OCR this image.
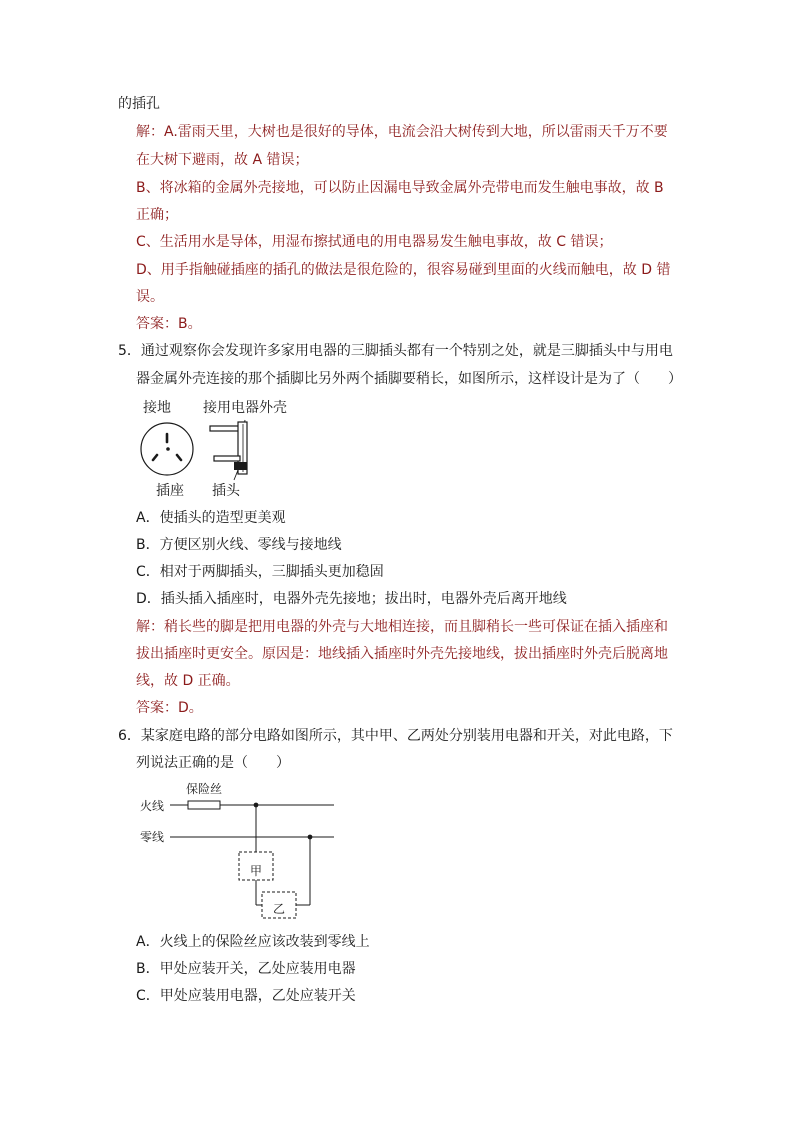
的插孔
解：A.雷雨天里，大树也是很好的导体，电流会沿大树传到大地，所以雷雨天千万不要
在大树下避雨，故 A 错误；
B、将冰箱的金属外壳接地，可以防止因漏电导致金属外壳带电而发生触电事故，故 B
正确；
C、生活用水是导体，用湿布擦拭通电的用电器易发生触电事故，故 C 错误；
D、用手指触碰插座的插孔的做法是很危险的，很容易碰到里面的火线而触电，故 D 错
误。
答案：B。
5．通过观察你会发现许多家用电器的三脚插头都有一个特别之处，就是三脚插头中与用电
器金属外壳连接的那个插脚比另外两个插脚要稍长，如图所示，这样设计是为了（　　）
接地 接用电器外壳
插座 插头
A．使插头的造型更美观
B．方便区别火线、零线与接地线
C．相对于两脚插头，三脚插头更加稳固
D．插头插入插座时，电器外壳先接地；拔出时，电器外壳后离开地线
解：稍长些的脚是把用电器的外壳与大地相连接，而且脚稍长一些可保证在插入插座和
拔出插座时更安全。原因是：地线插入插座时外壳先接地线，拔出插座时外壳后脱离地
线，故 D 正确。
答案：D。
6．某家庭电路的部分电路如图所示，其中甲、乙两处分别装用电器和开关，对此电路，下
列说法正确的是（　　）
保险丝
火线
零线
甲
乙
A．火线上的保险丝应该改装到零线上
B．甲处应装开关，乙处应装用电器
C．甲处应装用电器，乙处应装开关
